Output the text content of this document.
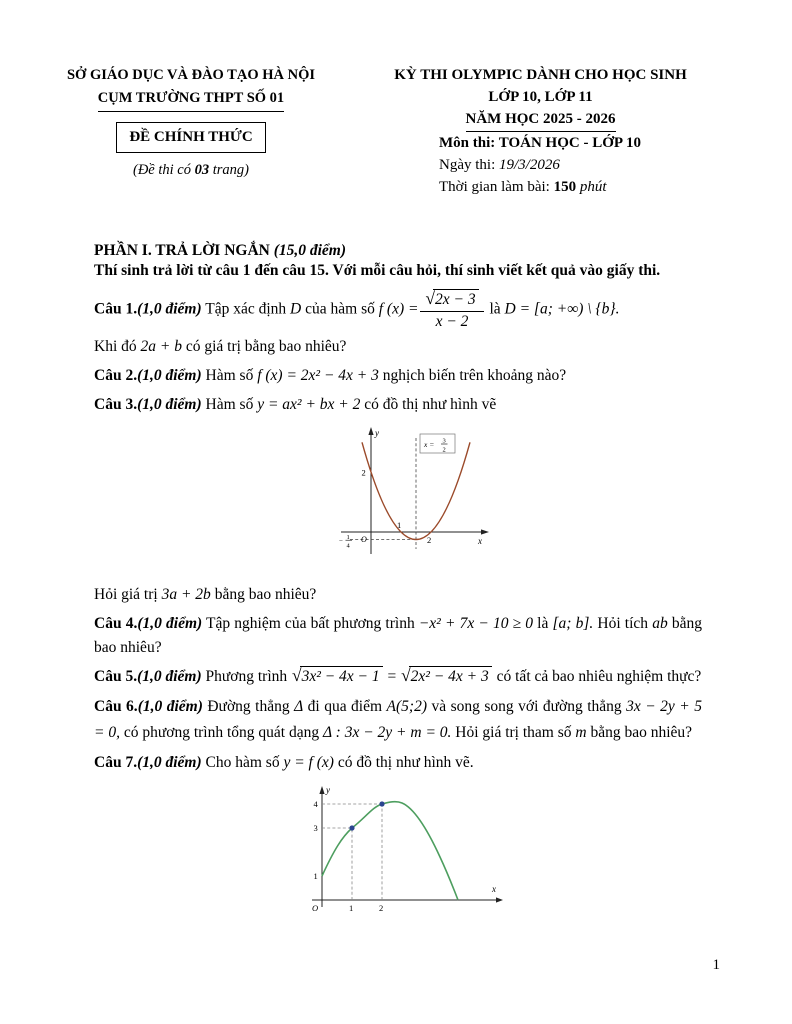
SỞ GIÁO DỤC VÀ ĐÀO TẠO HÀ NỘI
CỤM TRƯỜNG THPT SỐ 01
ĐỀ CHÍNH THỨC
(Đề thi có 03 trang)
KỲ THI OLYMPIC DÀNH CHO HỌC SINH
LỚP 10, LỚP 11
NĂM HỌC 2025 - 2026
Môn thi: TOÁN HỌC - LỚP 10
Ngày thi: 19/3/2026
Thời gian làm bài: 150 phút
PHẦN I. TRẢ LỜI NGẮN (15,0 điểm)
Thí sinh trả lời từ câu 1 đến câu 15. Với mỗi câu hỏi, thí sinh viết kết quả vào giấy thi.

Câu 1.(1,0 điểm) Tập xác định D của hàm số f $(x) = \frac{√ 2x - 3}{x - 2}$ là D = [a; +∞) \ {b}.

Khi đó 2a + b có giá trị bằng bao nhiêu?

Câu 2.(1,0 điểm) Hàm số f (x) = 2x² − 4x + 3 nghịch biến trên khoảng nào?

Câu 3.(1,0 điểm) Hàm số y = ax² + bx + 2 có đồ thị như hình vẽ

y
x
O
2
1
2
− 1
4
x = 3
2

Hỏi giá trị 3a + 2b bằng bao nhiêu?

Câu 4.(1,0 điểm) Tập nghiệm của bất phương trình −x² + 7x − 10 ≥ 0 là [a; b]. Hỏi tích ab bằng bao nhiêu?

Câu 5.(1,0 điểm) Phương trình √ 3x² − 4x − 1 = √ 2x² − 4x + 3 có tất cả bao nhiêu nghiệm thực?

Câu 6.(1,0 điểm) Đường thẳng Δ đi qua điểm A(5;2) và song song với đường thẳng 3x − 2y + 5 = 0, có phương trình tổng quát dạng Δ : 3x − 2y + m = 0. Hỏi giá trị tham số m bằng bao nhiêu?

Câu 7.(1,0 điểm) Cho hàm số y = f (x) có đồ thị như hình vẽ.

y
x
O
1
3
4
1	2
1
